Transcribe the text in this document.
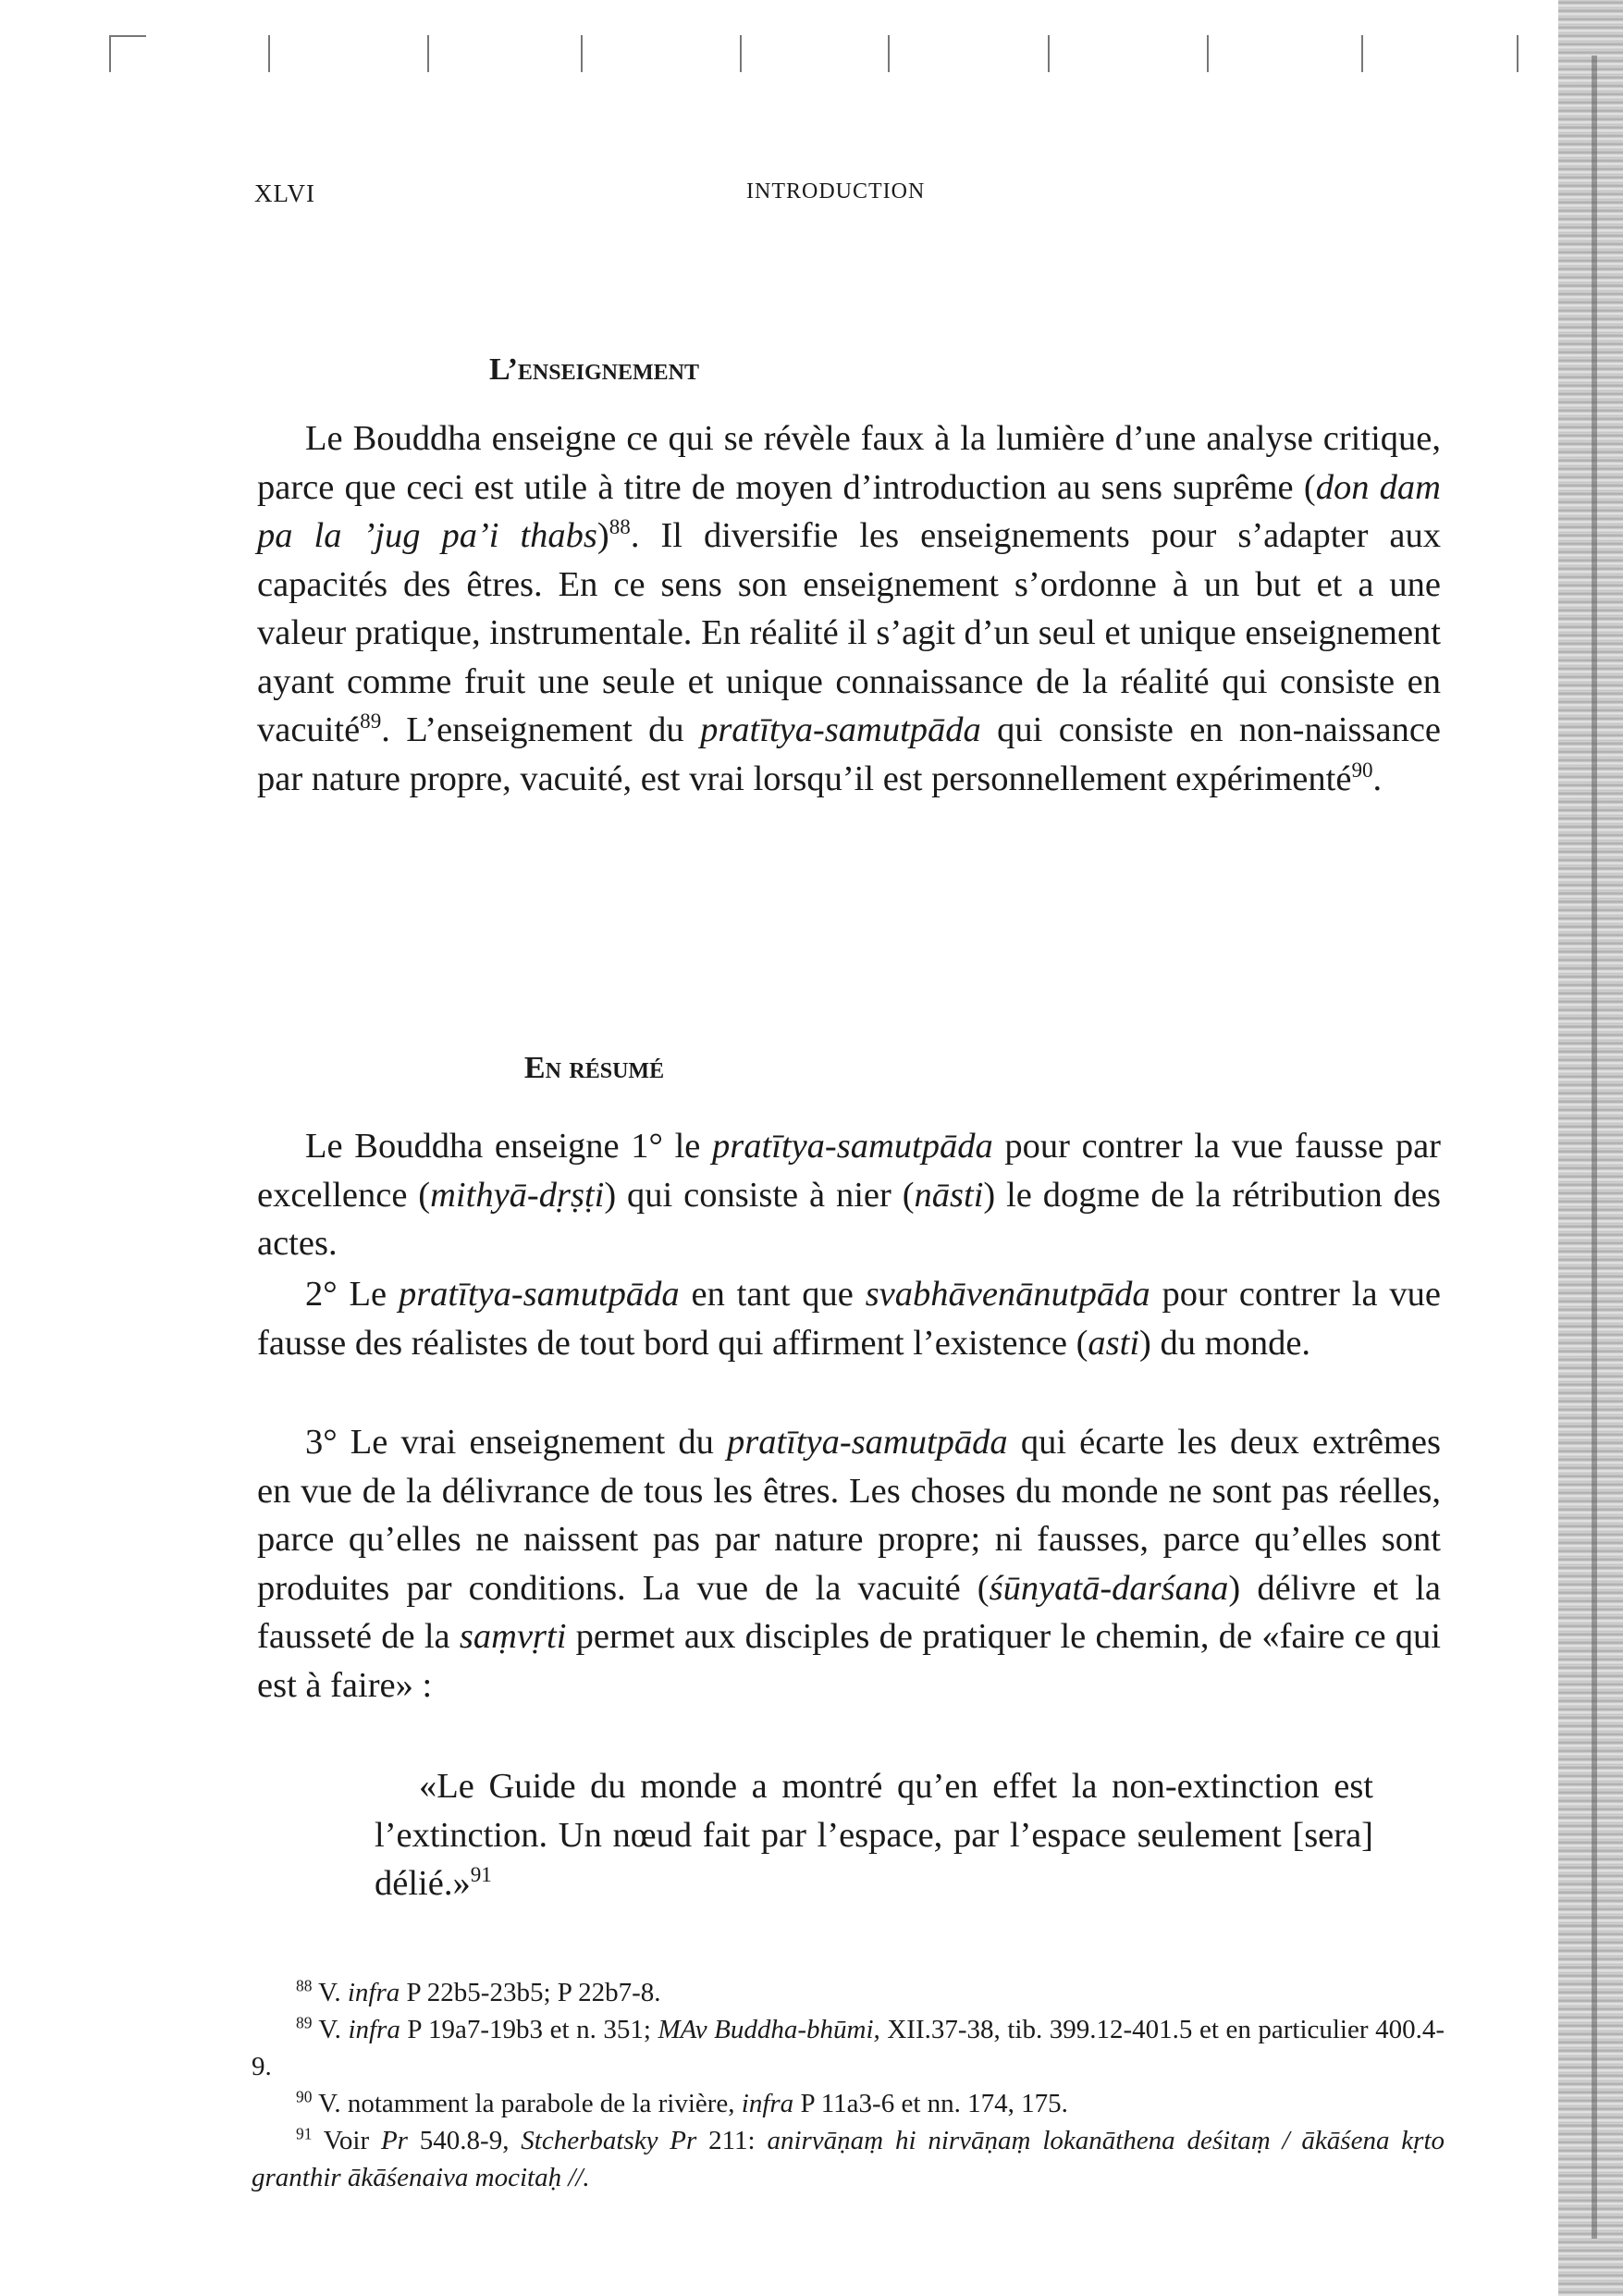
XLVI	INTRODUCTION
L’enseignement

Le Bouddha enseigne ce qui se révèle faux à la lumière d’une analyse critique, parce que ceci est utile à titre de moyen d’introduction au sens suprême (don dam pa la ’jug pa’i thabs)$^{88}$. Il diversifie les enseignements pour s’adapter aux capacités des êtres. En ce sens son enseignement s’ordonne à un but et a une valeur pratique, instrumentale. En réalité il s’agit d’un seul et unique enseignement ayant comme fruit une seule et unique connaissance de la réalité qui consiste en vacuité$^{89}$. L’enseignement du pratītya-samutpāda qui consiste en non-naissance par nature propre, vacuité, est vrai lorsqu’il est personnellement expérimenté$^{90}$.

En résumé

Le Bouddha enseigne 1° le pratītya-samutpāda pour contrer la vue fausse par excellence (mithyā-dṛṣṭi) qui consiste à nier (nāsti) le dogme de la rétribution des actes.

2° Le pratītya-samutpāda en tant que svabhāvenānutpāda pour contrer la vue fausse des réalistes de tout bord qui affirment l’existence (asti) du monde.

3° Le vrai enseignement du pratītya-samutpāda qui écarte les deux extrêmes en vue de la délivrance de tous les êtres. Les choses du monde ne sont pas réelles, parce qu’elles ne naissent pas par nature propre; ni fausses, parce qu’elles sont produites par conditions. La vue de la vacuité (śūnyatā-darśana) délivre et la fausseté de la saṃvṛti permet aux disciples de pratiquer le chemin, de «faire ce qui est à faire» :

«Le Guide du monde a montré qu’en effet la non-extinction est l’extinction. Un nœud fait par l’espace, par l’espace seulement [sera] délié.»$^{91}$

$^{88}$ V. infra P 22b5-23b5; P 22b7-8.

$^{89}$ V. infra P 19a7-19b3 et n. 351; MAv Buddha-bhūmi, XII.37-38, tib. 399.12-401.5 et en particulier 400.4-9.

$^{90}$ V. notamment la parabole de la rivière, infra P 11a3-6 et nn. 174, 175.

$^{91}$ Voir Pr 540.8-9, Stcherbatsky Pr 211: anirvāṇaṃ hi nirvāṇaṃ lokanāthena deśitaṃ / ākāśena kṛto granthir ākāśenaiva mocitaḥ //.
